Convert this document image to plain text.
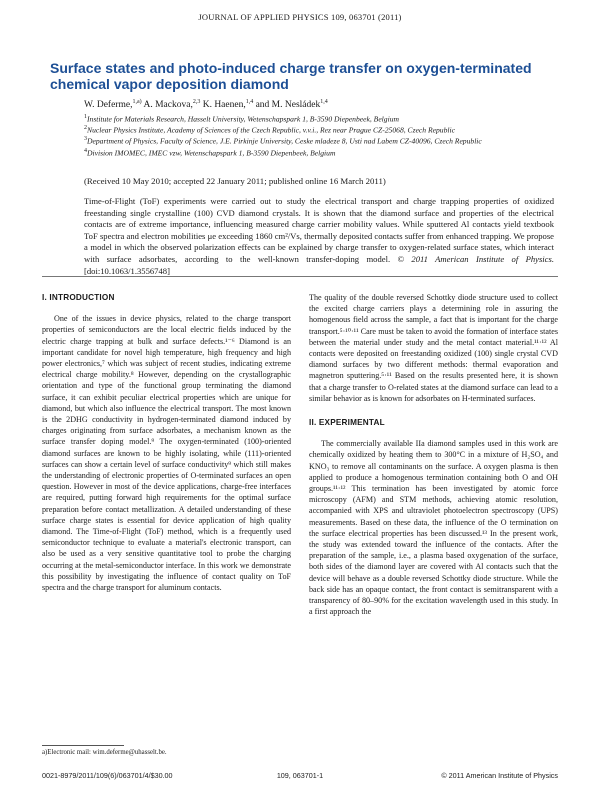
JOURNAL OF APPLIED PHYSICS 109, 063701 (2011)
Surface states and photo-induced charge transfer on oxygen-terminated chemical vapor deposition diamond
W. Deferme,$^{1,a)}$ A. Mackova,$^{2,3}$ K. Haenen,$^{1,4}$ and M. Nesládek$^{1,4}$
$^1$Institute for Materials Research, Hasselt University, Wetenschapspark 1, B-3590 Diepenbeek, Belgium
$^2$Nuclear Physics Institute, Academy of Sciences of the Czech Republic, v.v.i., Rez near Prague CZ-25068, Czech Republic
$^3$Department of Physics, Faculty of Science, J.E. Pirkinje University, Ceske mladeze 8, Usti nad Labem CZ-40096, Czech Republic
$^4$Division IMOMEC, IMEC vzw, Wetenschapspark 1, B-3590 Diepenbeek, Belgium
(Received 10 May 2010; accepted 22 January 2011; published online 16 March 2011)
Time-of-Flight (ToF) experiments were carried out to study the electrical transport and charge trapping properties of oxidized freestanding single crystalline (100) CVD diamond crystals. It is shown that the diamond surface and properties of the electrical contacts are of extreme importance, influencing measured charge carrier mobility values. While sputtered Al contacts yield textbook ToF spectra and electron mobilities μe exceeding 1860 cm²/Vs, thermally deposited contacts suffer from enhanced trapping. We propose a model in which the observed polarization effects can be explained by charge transfer to oxygen-related surface states, which interact with surface adsorbates, according to the well-known transfer-doping model. © 2011 American Institute of Physics. [doi:10.1063/1.3556748]
I. INTRODUCTION

One of the issues in device physics, related to the charge transport properties of semiconductors are the local electric fields induced by the electric charge trapping at bulk and surface defects.¹⁻⁶ Diamond is an important candidate for novel high temperature, high frequency and high power electronics,⁷ which was subject of recent studies, indicating extreme electrical charge mobility.⁸ However, depending on the crystallographic orientation and type of the functional group terminating the diamond surface, it can exhibit peculiar electrical properties which are unique for diamond, but which also influence the electrical transport. The most known is the 2DHG conductivity in hydrogen-terminated diamond induced by charges originating from surface adsorbates, a mechanism known as the surface transfer doping model.⁹ The oxygen-terminated (100)-oriented diamond surfaces are known to be highly isolating, while (111)-oriented surfaces can show a certain level of surface conductivity⁹ which still makes the understanding of electronic properties of O-terminated surfaces an open question. However in most of the device applications, charge-free interfaces are required, putting forward high requirements for the optimal surface preparation before contact metallization. A detailed understanding of these surface charge states is essential for device application of high quality diamond. The Time-of-Flight (ToF) method, which is a frequently used semiconductor technique to evaluate a material's electronic transport, can also be used as a very sensitive quantitative tool to probe the charging occurring at the metal-semiconductor interface. In this work we demonstrate this possibility by investigating the influence of contact quality on ToF spectra and the charge transport for aluminum contacts.

The quality of the double reversed Schottky diode structure used to collect the excited charge carriers plays a determining role in assuring the homogenous field across the sample, a fact that is important for the charge transport.⁵·¹⁰·¹¹ Care must be taken to avoid the formation of interface states between the material under study and the metal contact material.¹¹·¹² Al contacts were deposited on freestanding oxidized (100) single crystal CVD diamond surfaces by two different methods: thermal evaporation and magnetron sputtering.⁵·¹¹ Based on the results presented here, it is shown that a charge transfer to O-related states at the diamond surface can lead to a similar behavior as is known for adsorbates on H-terminated surfaces.

II. EXPERIMENTAL

The commercially available IIa diamond samples used in this work are chemically oxidized by heating them to 300°C in a mixture of H₂SO₄ and KNO₃ to remove all contaminants on the surface. A oxygen plasma is then applied to produce a homogenous termination containing both O and OH groups.¹¹·¹² This termination has been investigated by atomic force microscopy (AFM) and STM methods, achieving atomic resolution, accompanied with XPS and ultraviolet photoelectron spectroscopy (UPS) measurements. Based on these data, the influence of the O termination on the surface electrical properties has been discussed.¹³ In the present work, the study was extended toward the influence of the contacts. After the preparation of the sample, i.e., a plasma based oxygenation of the surface, both sides of the diamond layer are covered with Al contacts such that the device will behave as a double reversed Schottky diode structure. While the back side has an opaque contact, the front contact is semitransparent with a transparency of 80–90% for the excitation wavelength used in this study. In a first approach the

a)Electronic mail: wim.deferme@uhasselt.be.
0021-8979/2011/109(6)/063701/4/$30.00	109, 063701-1	© 2011 American Institute of Physics
